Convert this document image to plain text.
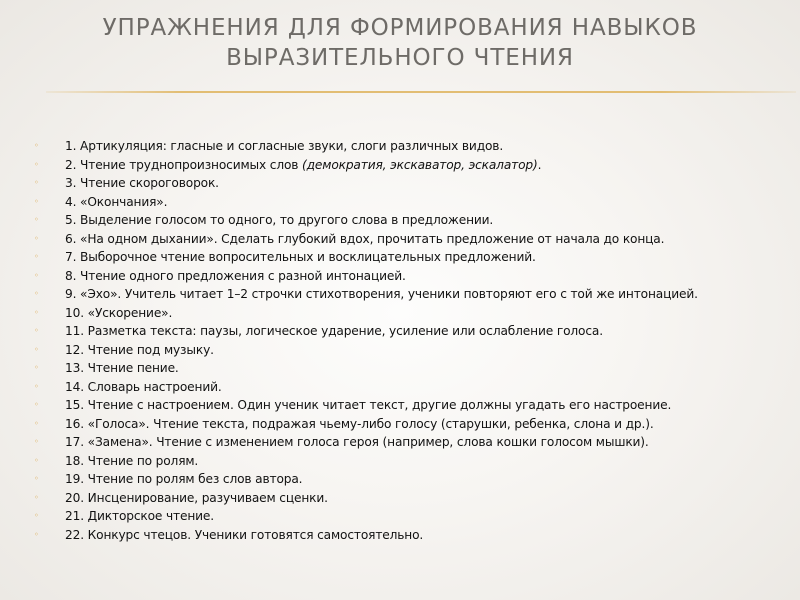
УПРАЖНЕНИЯ ДЛЯ ФОРМИРОВАНИЯ НАВЫКОВ
ВЫРАЗИТЕЛЬНОГО ЧТЕНИЯ
◦ 1. Артикуляция: гласные и согласные звуки, слоги различных видов.
◦ 2. Чтение труднопроизносимых слов (демократия, экскаватор, эскалатор).
◦ 3. Чтение скороговорок.
◦ 4. «Окончания».
◦ 5. Выделение голосом то одного, то другого слова в предложении.
◦ 6. «На одном дыхании». Сделать глубокий вдох, прочитать предложение от начала до конца.
◦ 7. Выборочное чтение вопросительных и восклицательных предложений.
◦ 8. Чтение одного предложения с разной интонацией.
◦ 9. «Эхо». Учитель читает 1–2 строчки стихотворения, ученики повторяют его с той же интонацией.
◦ 10. «Ускорение».
◦ 11. Разметка текста: паузы, логическое ударение, усиление или ослабление голоса.
◦ 12. Чтение под музыку.
◦ 13. Чтение пение.
◦ 14. Словарь настроений.
◦ 15. Чтение с настроением. Один ученик читает текст, другие должны угадать его настроение.
◦ 16. «Голоса». Чтение текста, подражая чьему-либо голосу (старушки, ребенка, слона и др.).
◦ 17. «Замена». Чтение с изменением голоса героя (например, слова кошки голосом мышки).
◦ 18. Чтение по ролям.
◦ 19. Чтение по ролям без слов автора.
◦ 20. Инсценирование, разучиваем сценки.
◦ 21. Дикторское чтение.
◦ 22. Конкурс чтецов. Ученики готовятся самостоятельно.
